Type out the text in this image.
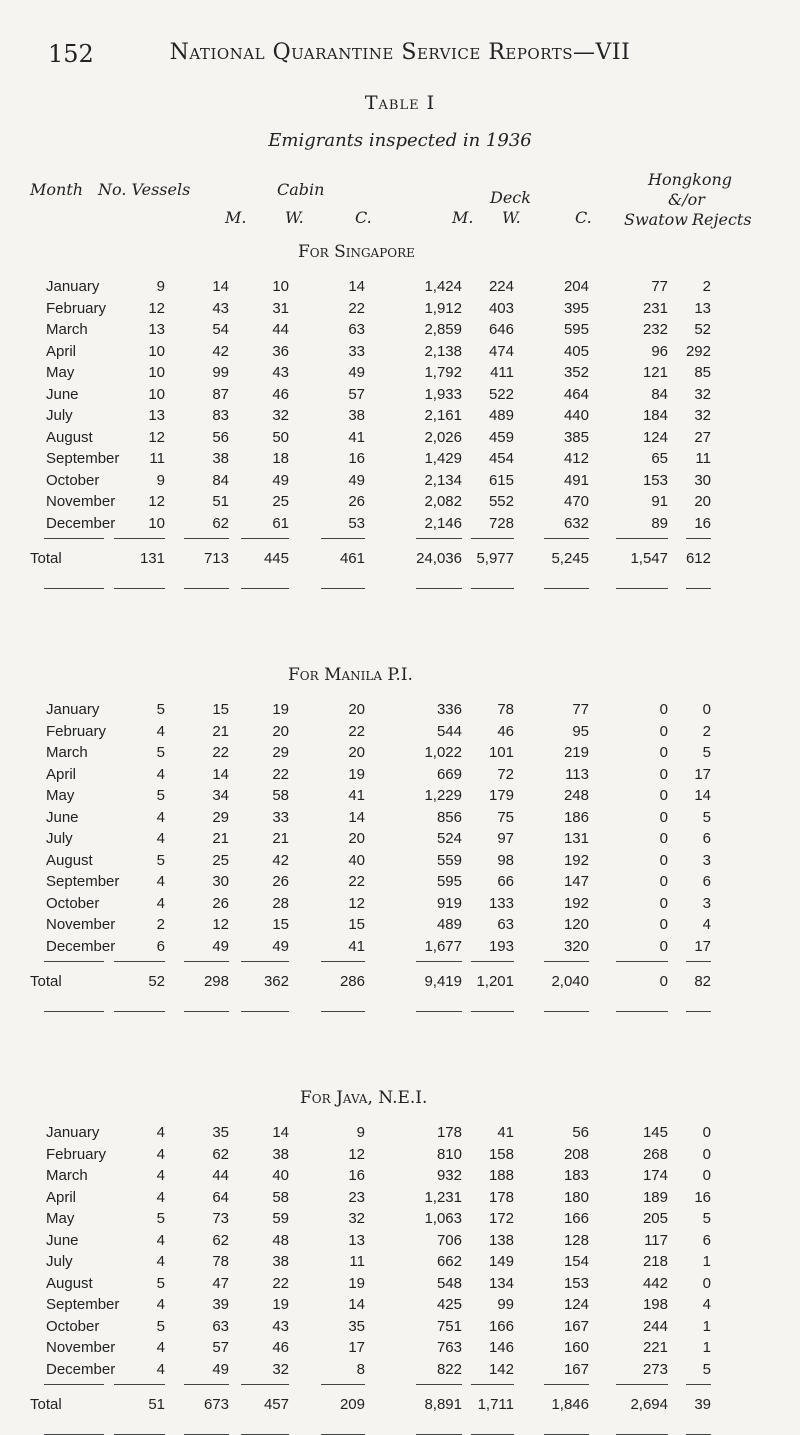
152	National Quarantine Service Reports—VII
Table I
Emigrants inspected in 1936
Month No. Vessels	Cabin	Deck
Hongkong
&/or
Swatow Rejects
M. W.	C.	M. W.	C.
For Singapore
January	9	14	10	14	1,424 224	204	77 2
February	12	43	31	22	1,912 403	395	231 13
March	13	54	44	63	2,859 646	595	232 52
April	10	42	36	33	2,138 474	405	96 292
May	10	99	43	49	1,792 411	352	121 85
June	10	87	46	57	1,933 522	464	84 32
July	13	83	32	38	2,161 489	440	184 32
August	12	56	50	41	2,026 459	385	124 27
September 11	38	18	16	1,429 454	412	65 11
October	9	84	49	49	2,134 615	491	153 30
November 12	51	25	26	2,082 552	470	91 20
December 10	62	61	53	2,146 728	632	89 16
Total	131	713 445	461	24,036 5,977 5,245	1,547 612
For Manila P.I.
January	5	15	19	20	336 78	77	0 0
February	4	21	20	22	544 46	95	0 2
March	5	22	29	20	1,022 101	219	0 5
April	4	14	22	19	669 72	113	0 17
May	5	34	58	41	1,229 179	248	0 14
June	4	29	33	14	856 75	186	0 5
July	4	21	21	20	524 97	131	0 6
August	5	25	42	40	559 98	192	0 3
September 4	30	26	22	595 66	147	0 6
October	4	26	28	12	919 133	192	0 3
November	2	12	15	15	489 63	120	0 4
December	6	49	49	41	1,677 193	320	0 17
Total	52	298 362	286	9,419 1,201 2,040	0 82
For Java, N.E.I.
January	4	35	14	9	178 41	56	145 0
February	4	62	38	12	810 158	208	268 0
March	4	44	40	16	932 188	183	174 0
April	4	64	58	23	1,231 178	180	189 16
May	5	73	59	32	1,063 172	166	205 5
June	4	62	48	13	706 138	128	117 6
July	4	78	38	11	662 149	154	218 1
August	5	47	22	19	548 134	153	442 0
September 4	39	19	14	425 99	124	198 4
October	5	63	43	35	751 166	167	244 1
November	4	57	46	17	763 146	160	221 1
December	4	49	32	8	822 142	167	273 5
Total	51	673 457	209	8,891 1,711 1,846	2,694 39
